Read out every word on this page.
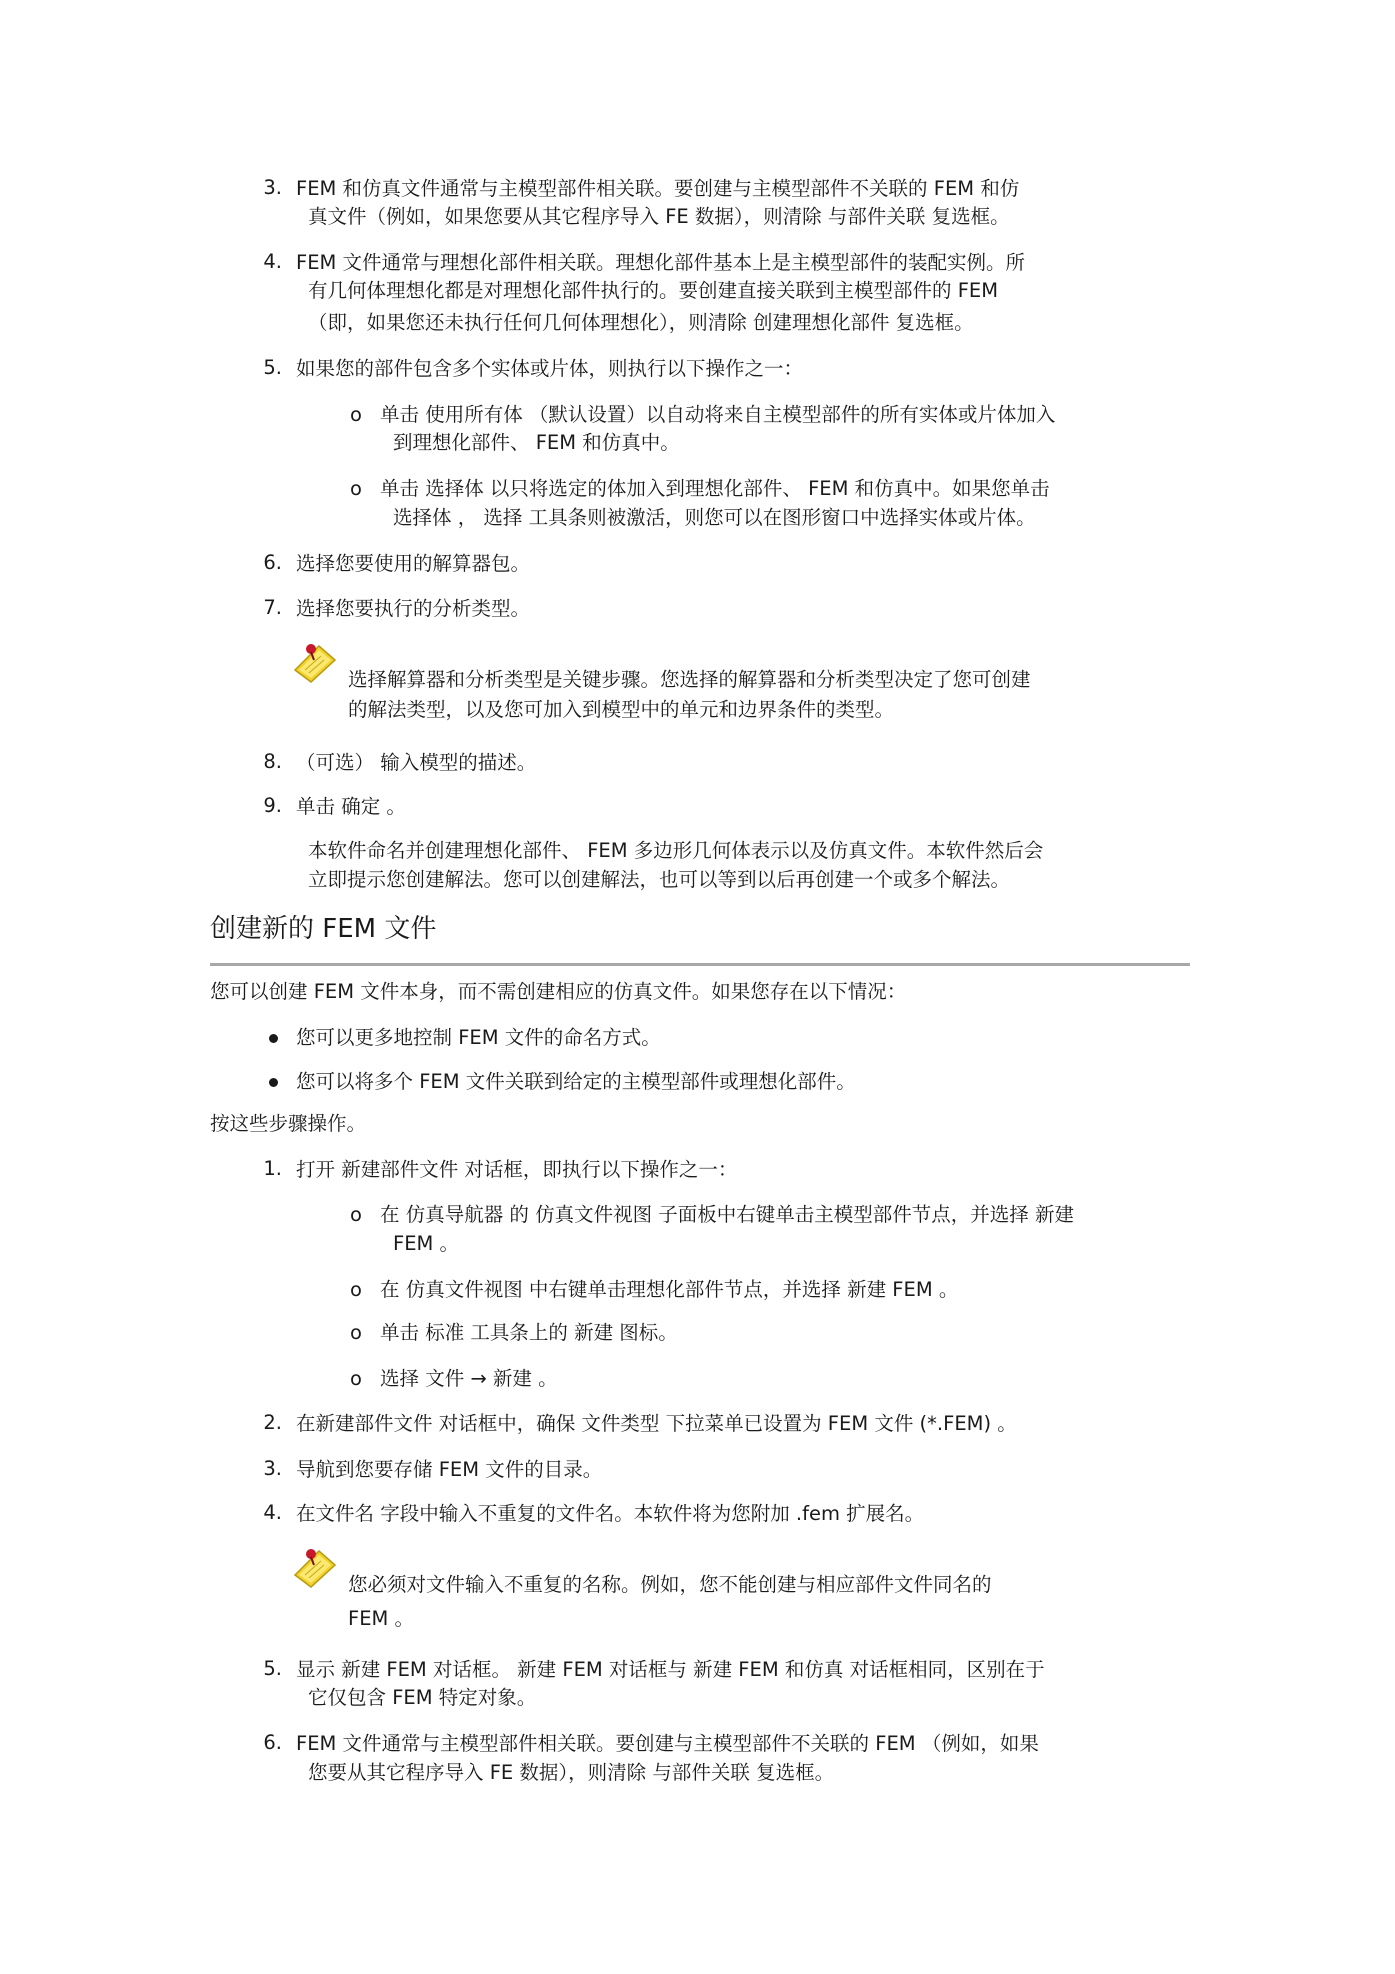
3. FEM 和仿真文件通常与主模型部件相关联。要创建与主模型部件不关联的 FEM 和仿
真文件（例如，如果您要从其它程序导入 FE 数据），则清除 与部件关联 复选框。
4. FEM 文件通常与理想化部件相关联。理想化部件基本上是主模型部件的装配实例。所
有几何体理想化都是对理想化部件执行的。要创建直接关联到主模型部件的 FEM
（即，如果您还未执行任何几何体理想化），则清除 创建理想化部件 复选框。
5. 如果您的部件包含多个实体或片体，则执行以下操作之一：
o 单击 使用所有体 （默认设置）以自动将来自主模型部件的所有实体或片体加入
到理想化部件、 FEM 和仿真中。
o 单击 选择体 以只将选定的体加入到理想化部件、 FEM 和仿真中。如果您单击
选择体 ， 选择 工具条则被激活，则您可以在图形窗口中选择实体或片体。
6. 选择您要使用的解算器包。
7. 选择您要执行的分析类型。
选择解算器和分析类型是关键步骤。您选择的解算器和分析类型决定了您可创建
的解法类型，以及您可加入到模型中的单元和边界条件的类型。
8. （可选） 输入模型的描述。
9. 单击 确定 。
本软件命名并创建理想化部件、 FEM 多边形几何体表示以及仿真文件。本软件然后会
立即提示您创建解法。您可以创建解法，也可以等到以后再创建一个或多个解法。
创建新的 FEM 文件
您可以创建 FEM 文件本身，而不需创建相应的仿真文件。如果您存在以下情况：
您可以更多地控制 FEM 文件的命名方式。
您可以将多个 FEM 文件关联到给定的主模型部件或理想化部件。
按这些步骤操作。
1. 打开 新建部件文件 对话框，即执行以下操作之一：
o 在 仿真导航器 的 仿真文件视图 子面板中右键单击主模型部件节点，并选择 新建
FEM 。
o 在 仿真文件视图 中右键单击理想化部件节点，并选择 新建 FEM 。
o 单击 标准 工具条上的 新建 图标。
o 选择 文件 → 新建 。
2. 在新建部件文件 对话框中，确保 文件类型 下拉菜单已设置为 FEM 文件 (*.FEM) 。
3. 导航到您要存储 FEM 文件的目录。
4. 在文件名 字段中输入不重复的文件名。本软件将为您附加 .fem 扩展名。
您必须对文件输入不重复的名称。例如，您不能创建与相应部件文件同名的
FEM 。
5. 显示 新建 FEM 对话框。 新建 FEM 对话框与 新建 FEM 和仿真 对话框相同，区别在于
它仅包含 FEM 特定对象。
6. FEM 文件通常与主模型部件相关联。要创建与主模型部件不关联的 FEM （例如，如果
您要从其它程序导入 FE 数据），则清除 与部件关联 复选框。
